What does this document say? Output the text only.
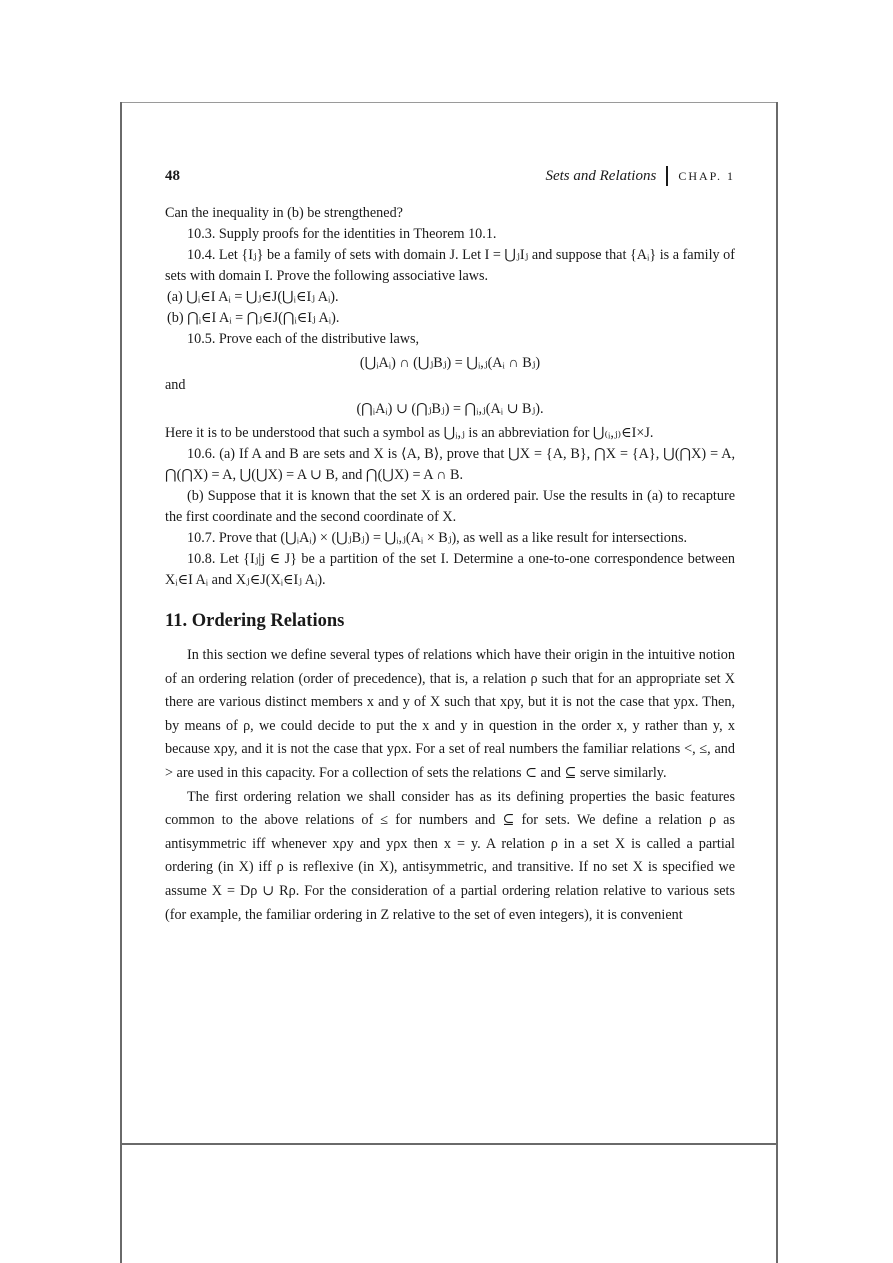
48	Sets and Relations CHAP. 1

Can the inequality in (b) be strengthened?

10.3. Supply proofs for the identities in Theorem 10.1.

10.4. Let {Iⱼ} be a family of sets with domain J. Let I = ⋃ⱼIⱼ and suppose that {Aᵢ} is a family of sets with domain I. Prove the following associative laws.

(a) ⋃ᵢ∈I Aᵢ = ⋃ⱼ∈J(⋃ᵢ∈Iⱼ Aᵢ).

(b) ⋂ᵢ∈I Aᵢ = ⋂ⱼ∈J(⋂ᵢ∈Iⱼ Aᵢ).

10.5. Prove each of the distributive laws,

(⋃ᵢAᵢ) ∩ (⋃ⱼBⱼ) = ⋃ᵢ,ⱼ(Aᵢ ∩ Bⱼ)

and

(⋂ᵢAᵢ) ∪ (⋂ⱼBⱼ) = ⋂ᵢ,ⱼ(Aᵢ ∪ Bⱼ).

Here it is to be understood that such a symbol as ⋃ᵢ,ⱼ is an abbreviation for ⋃₍ᵢ,ⱼ₎∈I×J.

10.6. (a) If A and B are sets and X is ⟨A, B⟩, prove that ⋃X = {A, B}, ⋂X = {A}, ⋃(⋂X) = A, ⋂(⋂X) = A, ⋃(⋃X) = A ∪ B, and ⋂(⋃X) = A ∩ B.

(b) Suppose that it is known that the set X is an ordered pair. Use the results in (a) to recapture the first coordinate and the second coordinate of X.

10.7. Prove that (⋃ᵢAᵢ) × (⋃ⱼBⱼ) = ⋃ᵢ,ⱼ(Aᵢ × Bⱼ), as well as a like result for intersections.

10.8. Let {Iⱼ|j ∈ J} be a partition of the set I. Determine a one-to-one correspondence between Xᵢ∈I Aᵢ and Xⱼ∈J(Xᵢ∈Iⱼ Aᵢ).

11. Ordering Relations

In this section we define several types of relations which have their origin in the intuitive notion of an ordering relation (order of precedence), that is, a relation ρ such that for an appropriate set X there are various distinct members x and y of X such that xρy, but it is not the case that yρx. Then, by means of ρ, we could decide to put the x and y in question in the order x, y rather than y, x because xρy, and it is not the case that yρx. For a set of real numbers the familiar relations <, ≤, and > are used in this capacity. For a collection of sets the relations ⊂ and ⊆ serve similarly.

The first ordering relation we shall consider has as its defining properties the basic features common to the above relations of ≤ for numbers and ⊆ for sets. We define a relation ρ as antisymmetric iff whenever xρy and yρx then x = y. A relation ρ in a set X is called a partial ordering (in X) iff ρ is reflexive (in X), antisymmetric, and transitive. If no set X is specified we assume X = Dρ ∪ Rρ. For the consideration of a partial ordering relation relative to various sets (for example, the familiar ordering in Z relative to the set of even integers), it is convenient
